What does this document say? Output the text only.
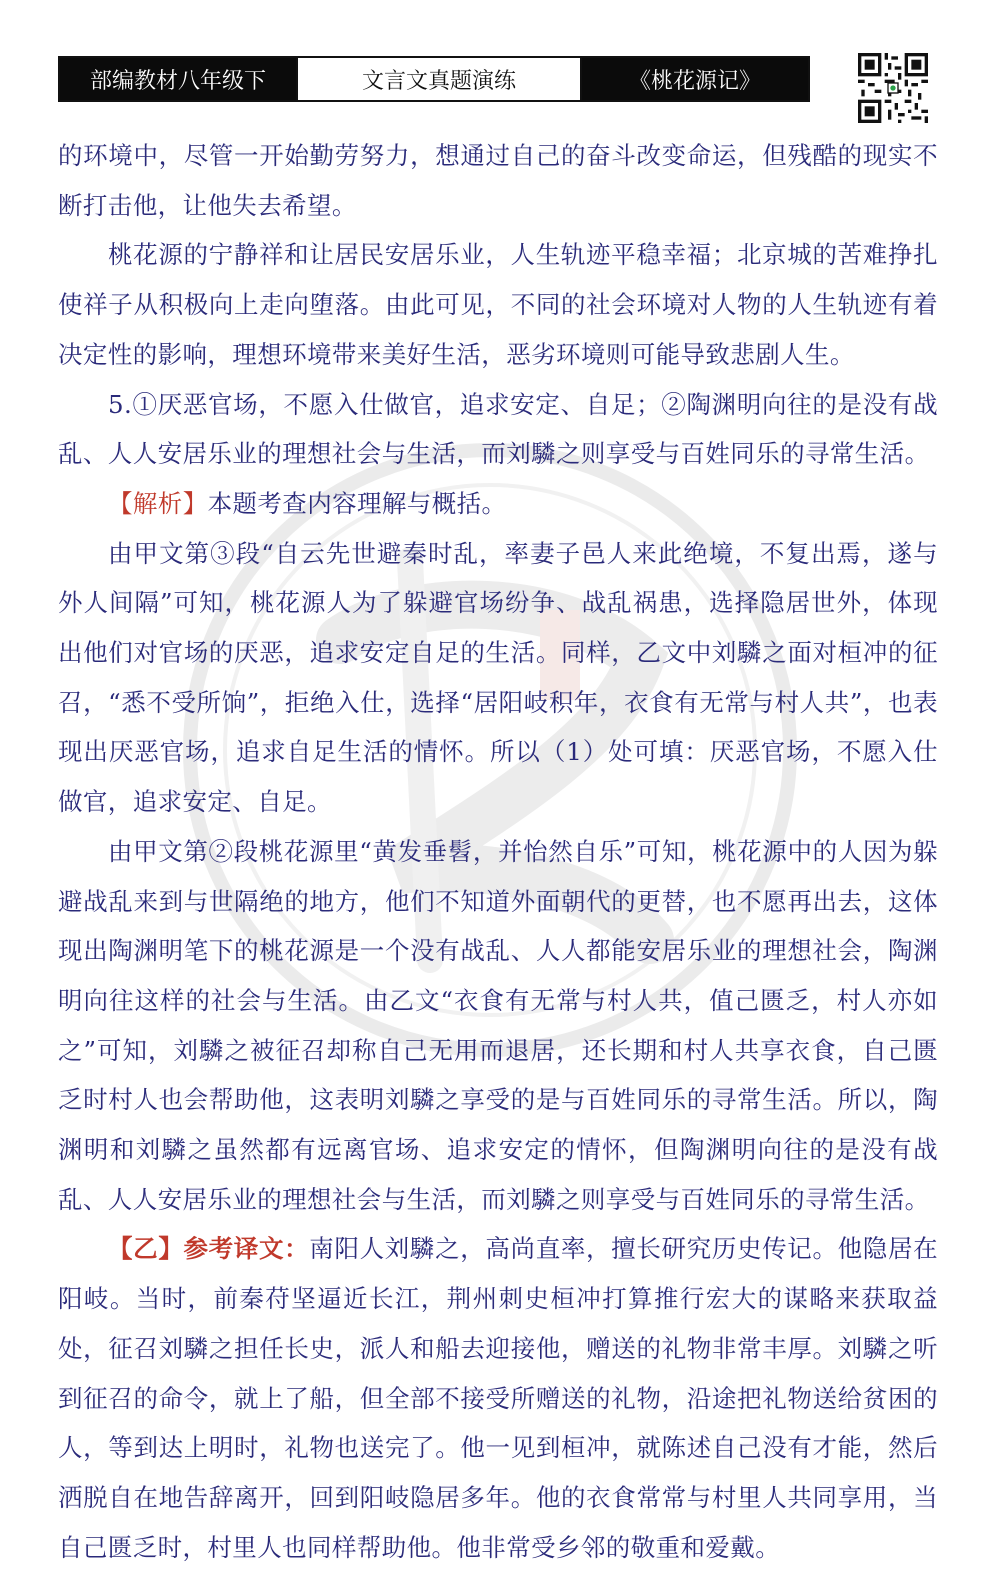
部编教材八年级下	文言文真题演练	《桃花源记》

的环境中，尽管一开始勤劳努力，想通过自己的奋斗改变命运，但残酷的现实不断打击他，让他失去希望。

桃花源的宁静祥和让居民安居乐业，人生轨迹平稳幸福；北京城的苦难挣扎使祥子从积极向上走向堕落。由此可见，不同的社会环境对人物的人生轨迹有着决定性的影响，理想环境带来美好生活，恶劣环境则可能导致悲剧人生。

5.①厌恶官场，不愿入仕做官，追求安定、自足；②陶渊明向往的是没有战乱、人人安居乐业的理想社会与生活，而刘驎之则享受与百姓同乐的寻常生活。

【解析】本题考查内容理解与概括。

由甲文第③段“自云先世避秦时乱，率妻子邑人来此绝境，不复出焉，遂与外人间隔”可知，桃花源人为了躲避官场纷争、战乱祸患，选择隐居世外，体现出他们对官场的厌恶，追求安定自足的生活。同样，乙文中刘驎之面对桓冲的征召，“悉不受所饷”，拒绝入仕，选择“居阳岐积年，衣食有无常与村人共”，也表现出厌恶官场，追求自足生活的情怀。所以（1）处可填：厌恶官场，不愿入仕做官，追求安定、自足。

由甲文第②段桃花源里“黄发垂髫，并怡然自乐”可知，桃花源中的人因为躲避战乱来到与世隔绝的地方，他们不知道外面朝代的更替，也不愿再出去，这体现出陶渊明笔下的桃花源是一个没有战乱、人人都能安居乐业的理想社会，陶渊明向往这样的社会与生活。由乙文“衣食有无常与村人共，值己匮乏，村人亦如之”可知，刘驎之被征召却称自己无用而退居，还长期和村人共享衣食，自己匮乏时村人也会帮助他，这表明刘驎之享受的是与百姓同乐的寻常生活。所以，陶渊明和刘驎之虽然都有远离官场、追求安定的情怀，但陶渊明向往的是没有战乱、人人安居乐业的理想社会与生活，而刘驎之则享受与百姓同乐的寻常生活。

【乙】参考译文：南阳人刘驎之，高尚直率，擅长研究历史传记。他隐居在阳岐。当时，前秦苻坚逼近长江，荆州刺史桓冲打算推行宏大的谋略来获取益处，征召刘驎之担任长史，派人和船去迎接他，赠送的礼物非常丰厚。刘驎之听到征召的命令，就上了船，但全部不接受所赠送的礼物，沿途把礼物送给贫困的人，等到达上明时，礼物也送完了。他一见到桓冲，就陈述自己没有才能，然后洒脱自在地告辞离开，回到阳岐隐居多年。他的衣食常常与村里人共同享用，当自己匮乏时，村里人也同样帮助他。他非常受乡邻的敬重和爱戴。
